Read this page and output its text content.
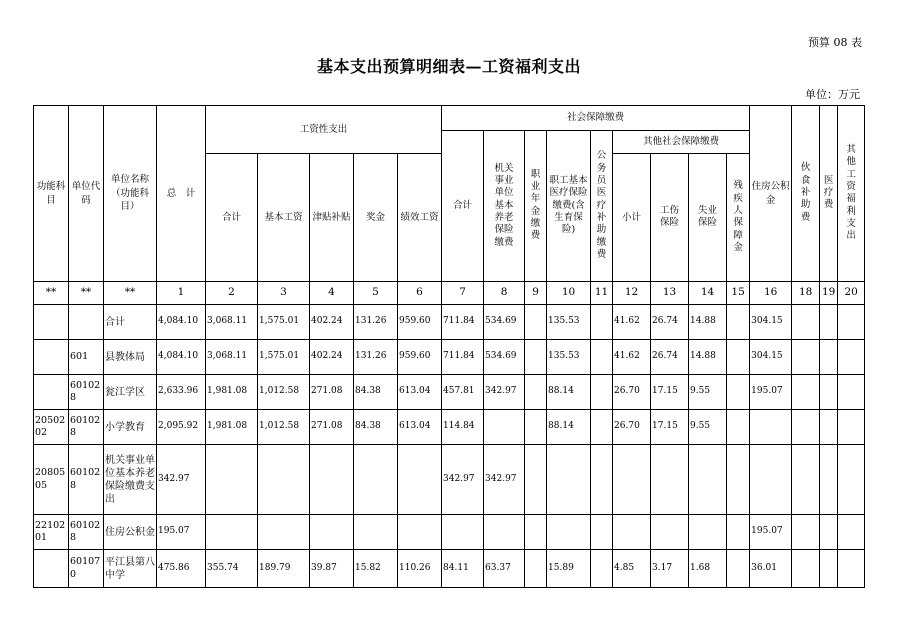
预算 08 表
基本支出预算明细表—工资福利支出
单位：万元
功能科目	单位代码	单位名称（功能科目）	总　计	工资性支出					社会保障缴费									住房公积金	伙食补助费	医疗费	其他工资福利支出
									合计	机关事业单位基本养老保险缴费	职业年金缴费	职工基本医疗保险缴费(含生育保险)	公务员医疗补助缴费	其他社会保障缴费							
				合计	基本工资	津贴补贴	奖金	绩效工资						小计	工伤保险	失业保险	残疾人保障金				
**	**	**	1	2	3	4	5	6	7	8	9	10	11	12	13	14	15	16	18	19	20
		合计	4,084.10	3,068.11	1,575.01	402.24	131.26	959.60	711.84	534.69		135.53		41.62	26.74	14.88		304.15			
	601	县教体局	4,084.10	3,068.11	1,575.01	402.24	131.26	959.60	711.84	534.69		135.53		41.62	26.74	14.88		304.15			
	601028	瓮江学区	2,633.96	1,981.08	1,012.58	271.08	84.38	613.04	457.81	342.97		88.14		26.70	17.15	9.55		195.07			
2050202	601028	小学教育	2,095.92	1,981.08	1,012.58	271.08	84.38	613.04	114.84			88.14		26.70	17.15	9.55					
2080505	601028	机关事业单位基本养老保险缴费支出	342.97						342.97	342.97											
2210201	601028	住房公积金	195.07															195.07			
	601070	平江县第八中学	475.86	355.74	189.79	39.87	15.82	110.26	84.11	63.37		15.89		4.85	3.17	1.68		36.01			
